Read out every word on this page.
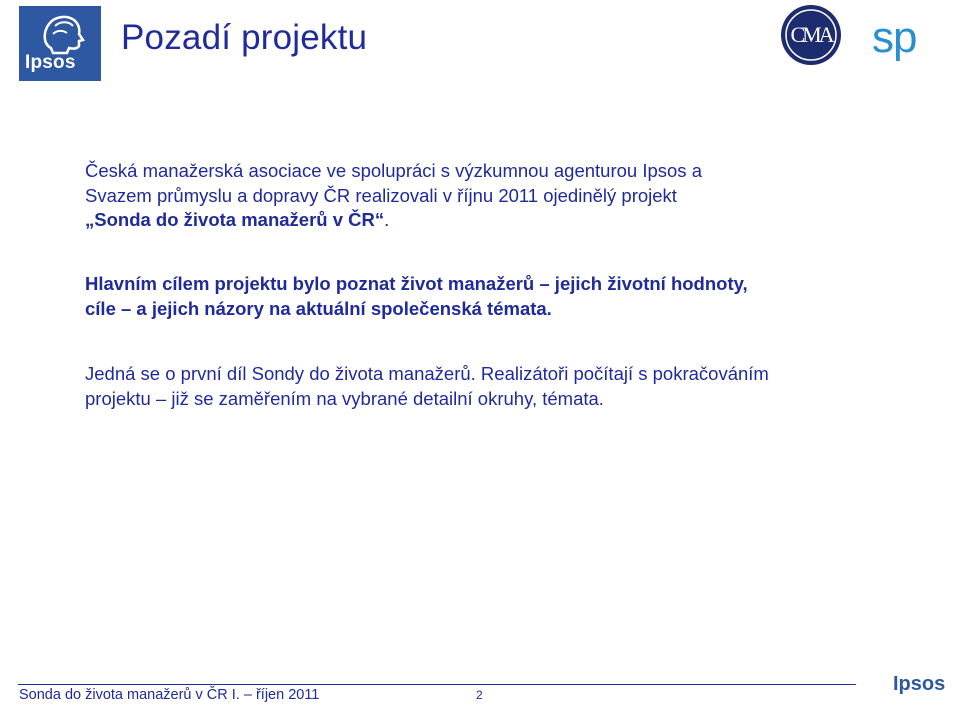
Ipsos
Pozadí projektu	CMA sp
Česká manažerská asociace ve spolupráci s výzkumnou agenturou Ipsos a
Svazem průmyslu a dopravy ČR realizovali v říjnu 2011 ojedinělý projekt
„Sonda do života manažerů v ČR“.
Hlavním cílem projektu bylo poznat život manažerů – jejich životní hodnoty,
cíle – a jejich názory na aktuální společenská témata.
Jedná se o první díl Sondy do života manažerů. Realizátoři počítají s pokračováním
projektu – již se zaměřením na vybrané detailní okruhy, témata.
Sonda do života manažerů v ČR I. – říjen 2011	2	Ipsos
